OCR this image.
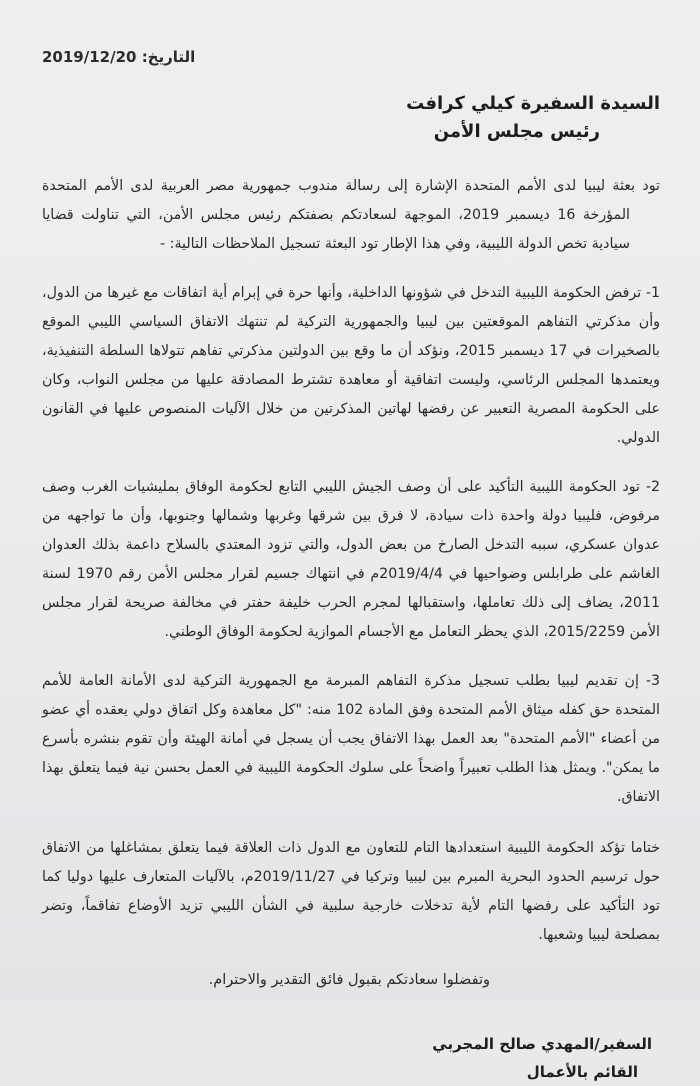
التاريخ: 2019/12/20
السيدة السفيرة كيلي كرافت
رئيس مجلس الأمن

تود بعثة ليبيا لدى الأمم المتحدة الإشارة إلى رسالة مندوب جمهورية مصر العربية لدى الأمم المتحدة المؤرخة 16 ديسمبر 2019، الموجهة لسعادتكم بصفتكم رئيس مجلس الأمن، التي تناولت قضايا سيادية تخص الدولة الليبية، وفي هذا الإطار تود البعثة تسجيل الملاحظات التالية: -

1- ترفض الحكومة الليبية التدخل في شؤونها الداخلية، وأنها حرة في إبرام أية اتفاقات مع غيرها من الدول، وأن مذكرتي التفاهم الموقعتين بين ليبيا والجمهورية التركية لم تنتهك الاتفاق السياسي الليبي الموقع بالصخيرات في 17 ديسمبر 2015، ونؤكد أن ما وقع بين الدولتين مذكرتي تفاهم تتولاها السلطة التنفيذية، ويعتمدها المجلس الرئاسي، وليست اتفاقية أو معاهدة تشترط المصادقة عليها من مجلس النواب، وكان على الحكومة المصرية التعبير عن رفضها لهاتين المذكرتين من خلال الآليات المنصوص عليها في القانون الدولي.

2- تود الحكومة الليبية التأكيد على أن وصف الجيش الليبي التابع لحكومة الوفاق بمليشيات الغرب وصف مرفوض، فليبيا دولة واحدة ذات سيادة، لا فرق بين شرقها وغربها وشمالها وجنوبها، وأن ما تواجهه من عدوان عسكري، سببه التدخل الصارخ من بعض الدول، والتي تزود المعتدي بالسلاح داعمة بذلك العدوان الغاشم على طرابلس وضواحيها في 2019/4/4م في انتهاك جسيم لقرار مجلس الأمن رقم 1970 لسنة 2011، يضاف إلى ذلك تعاملها، واستقبالها لمجرم الحرب خليفة حفتر في مخالفة صريحة لقرار مجلس الأمن 2015/2259، الذي يحظر التعامل مع الأجسام الموازية لحكومة الوفاق الوطني.

3- إن تقديم ليبيا بطلب تسجيل مذكرة التفاهم المبرمة مع الجمهورية التركية لدى الأمانة العامة للأمم المتحدة حق كفله ميثاق الأمم المتحدة وفق المادة 102 منه: "كل معاهدة وكل اتفاق دولي يعقده أي عضو من أعضاء "الأمم المتحدة" بعد العمل بهذا الاتفاق يجب أن يسجل في أمانة الهيئة وأن تقوم بنشره بأسرع ما يمكن". ويمثل هذا الطلب تعبيراً واضحاً على سلوك الحكومة الليبية في العمل بحسن نية فيما يتعلق بهذا الاتفاق.

ختاما تؤكد الحكومة الليبية استعدادها التام للتعاون مع الدول ذات العلاقة فيما يتعلق بمشاغلها من الاتفاق حول ترسيم الحدود البحرية المبرم بين ليبيا وتركيا في 2019/11/27م، بالآليات المتعارف عليها دوليا كما تود التأكيد على رفضها التام لأية تدخلات خارجية سلبية في الشأن الليبي تزيد الأوضاع تفاقماً، وتضر بمصلحة ليبيا وشعبها.

وتفضلوا سعادتكم بقبول فائق التقدير والاحترام.
السفير/المهدي صالح المجربي
القائم بالأعمال
